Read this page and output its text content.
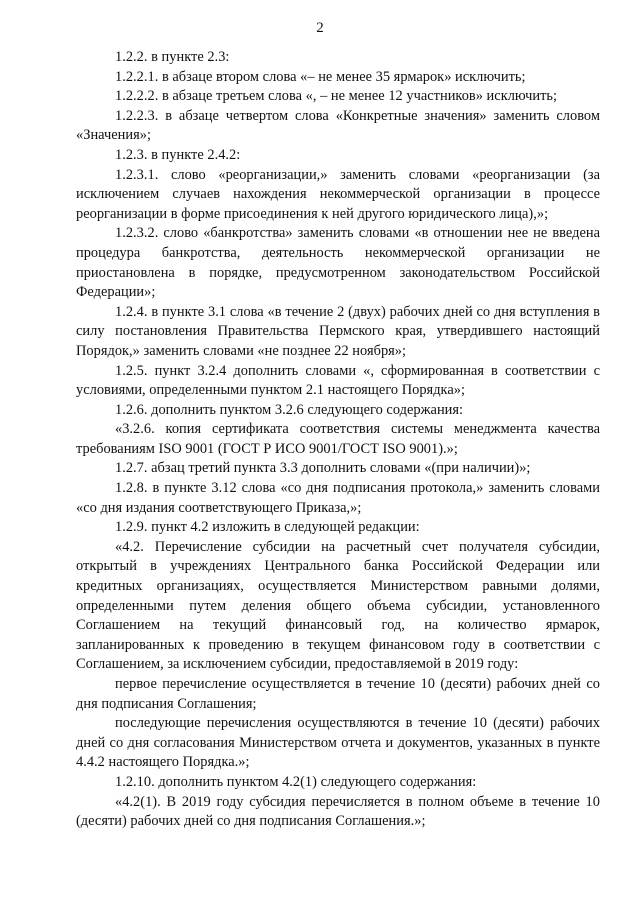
2

1.2.2. в пункте 2.3:

1.2.2.1. в абзаце втором слова «– не менее 35 ярмарок» исключить;

1.2.2.2. в абзаце третьем слова «, – не менее 12 участников» исключить;

1.2.2.3. в абзаце четвертом слова «Конкретные значения» заменить словом «Значения»;

1.2.3. в пункте 2.4.2:

1.2.3.1. слово «реорганизации,» заменить словами «реорганизации (за исключением случаев нахождения некоммерческой организации в процессе реорганизации в форме присоединения к ней другого юридического лица),»;

1.2.3.2. слово «банкротства» заменить словами «в отношении нее не введена процедура банкротства, деятельность некоммерческой организации не приостановлена в порядке, предусмотренном законодательством Российской Федерации»;

1.2.4. в пункте 3.1 слова «в течение 2 (двух) рабочих дней со дня вступления в силу постановления Правительства Пермского края, утвердившего настоящий Порядок,» заменить словами «не позднее 22 ноября»;

1.2.5. пункт 3.2.4 дополнить словами «, сформированная в соответствии с условиями, определенными пунктом 2.1 настоящего Порядка»;

1.2.6. дополнить пунктом 3.2.6 следующего содержания:

«3.2.6. копия сертификата соответствия системы менеджмента качества требованиям ISO 9001 (ГОСТ Р ИСО 9001/ГОСТ ISO 9001).»;

1.2.7. абзац третий пункта 3.3 дополнить словами «(при наличии)»;

1.2.8. в пункте 3.12 слова «со дня подписания протокола,» заменить словами «со дня издания соответствующего Приказа,»;

1.2.9. пункт 4.2 изложить в следующей редакции:

«4.2. Перечисление субсидии на расчетный счет получателя субсидии, открытый в учреждениях Центрального банка Российской Федерации или кредитных организациях, осуществляется Министерством равными долями, определенными путем деления общего объема субсидии, установленного Соглашением на текущий финансовый год, на количество ярмарок, запланированных к проведению в текущем финансовом году в соответствии с Соглашением, за исключением субсидии, предоставляемой в 2019 году:

первое перечисление осуществляется в течение 10 (десяти) рабочих дней со дня подписания Соглашения;

последующие перечисления осуществляются в течение 10 (десяти) рабочих дней со дня согласования Министерством отчета и документов, указанных в пункте 4.4.2 настоящего Порядка.»;

1.2.10. дополнить пунктом 4.2(1) следующего содержания:

«4.2(1). В 2019 году субсидия перечисляется в полном объеме в течение 10 (десяти) рабочих дней со дня подписания Соглашения.»;
